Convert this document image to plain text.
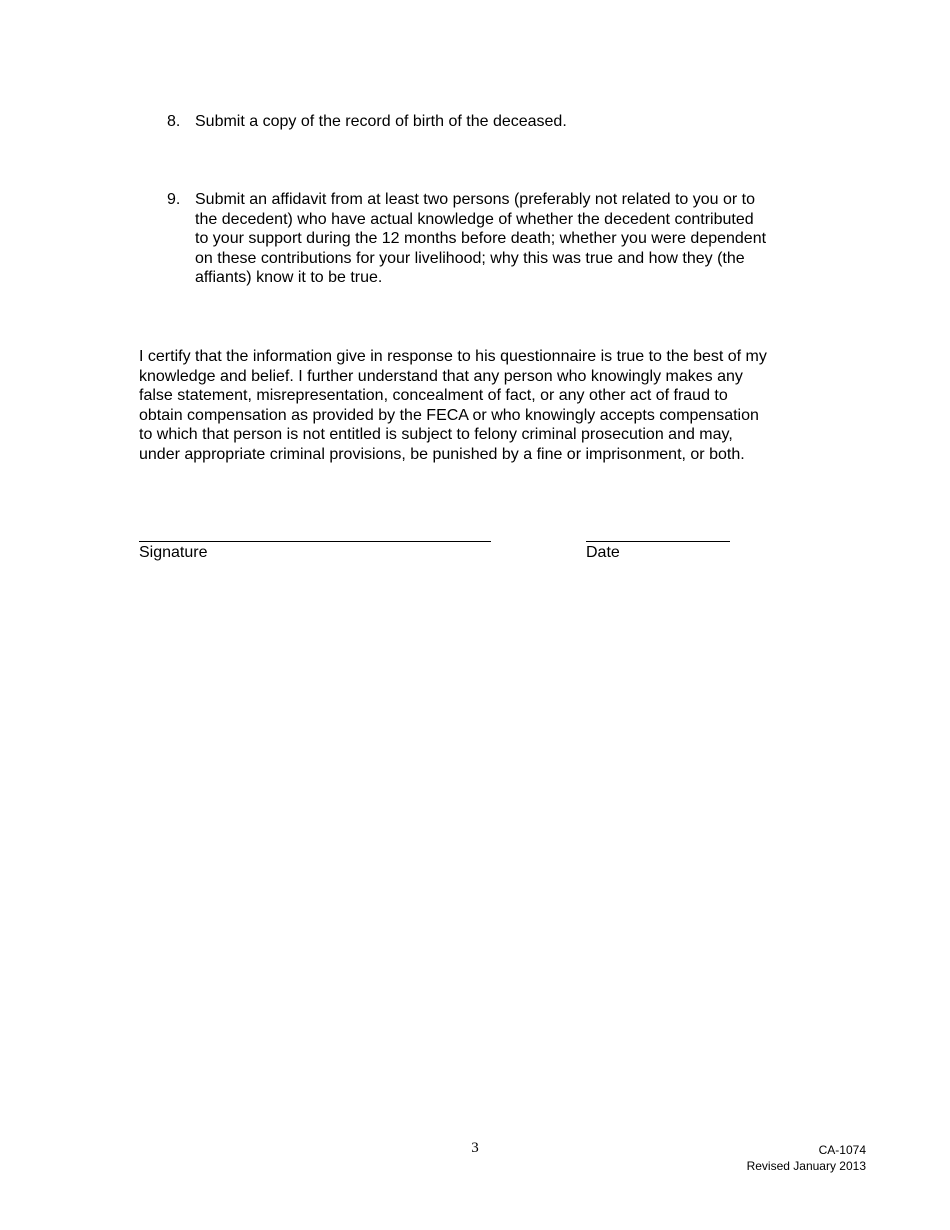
8. Submit a copy of the record of birth of the deceased.
9. Submit an affidavit from at least two persons (preferably not related to you or to
the decedent) who have actual knowledge of whether the decedent contributed
to your support during the 12 months before death; whether you were dependent
on these contributions for your livelihood; why this was true and how they (the
affiants) know it to be true.
I certify that the information give in response to his questionnaire is true to the best of my
knowledge and belief. I further understand that any person who knowingly makes any
false statement, misrepresentation, concealment of fact, or any other act of fraud to
obtain compensation as provided by the FECA or who knowingly accepts compensation
to which that person is not entitled is subject to felony criminal prosecution and may,
under appropriate criminal provisions, be punished by a fine or imprisonment, or both.
Signature	Date
3	CA-1074
Revised January 2013
